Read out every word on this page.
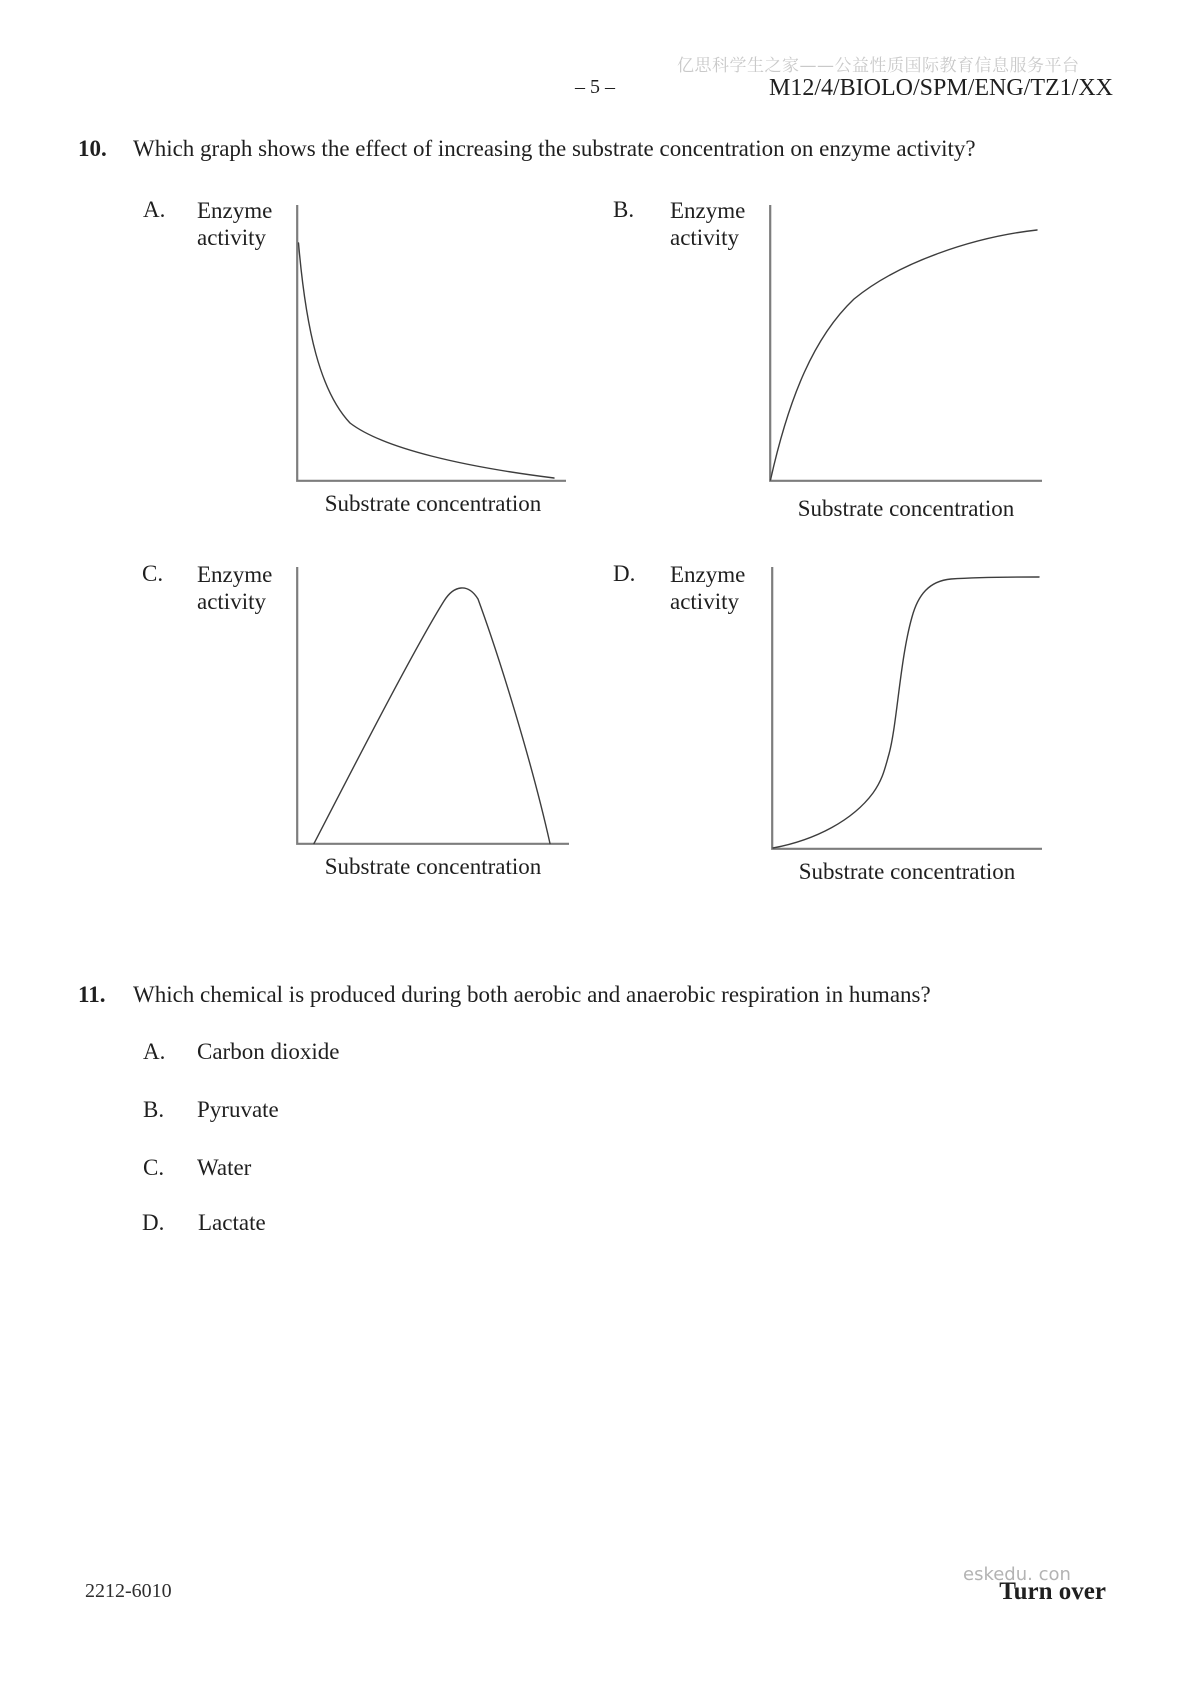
亿思科学生之家——公益性质国际教育信息服务平台
– 5 –	M12/4/BIOLO/SPM/ENG/TZ1/XX
10. Which graph shows the effect of increasing the substrate concentration on enzyme activity?
A. Enzyme
activity
Substrate concentration
B. Enzyme
activity
Substrate concentration
C. Enzyme
activity
Substrate concentration
D. Enzyme
activity
Substrate concentration
11. Which chemical is produced during both aerobic and anaerobic respiration in humans?
A. Carbon dioxide
B. Pyruvate
C. Water
D. Lactate
2212-6010
eskedu. con
Turn over
